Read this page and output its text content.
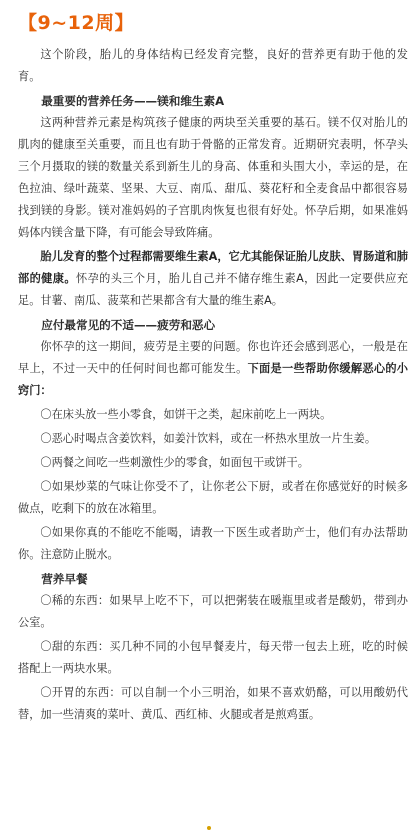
【9~12周】

这个阶段，胎儿的身体结构已经发育完整，良好的营养更有助于他的发育。

最重要的营养任务——镁和维生素A

这两种营养元素是构筑孩子健康的两块至关重要的基石。镁不仅对胎儿的肌肉的健康至关重要，而且也有助于骨骼的正常发育。近期研究表明，怀孕头三个月摄取的镁的数量关系到新生儿的身高、体重和头围大小，幸运的是，在色拉油、绿叶蔬菜、坚果、大豆、南瓜、甜瓜、葵花籽和全麦食品中都很容易找到镁的身影。镁对准妈妈的子宫肌肉恢复也很有好处。怀孕后期，如果准妈妈体内镁含量下降，有可能会导致阵痛。

胎儿发育的整个过程都需要维生素A，它尤其能保证胎儿皮肤、胃肠道和肺部的健康。怀孕的头三个月，胎儿自己并不储存维生素A，因此一定要供应充足。甘薯、南瓜、菠菜和芒果都含有大量的维生素A。

应付最常见的不适——疲劳和恶心

你怀孕的这一期间，疲劳是主要的问题。你也许还会感到恶心，一般是在早上，不过一天中的任何时间也都可能发生。下面是一些帮助你缓解恶心的小窍门：

〇在床头放一些小零食，如饼干之类，起床前吃上一两块。

〇恶心时喝点含姜饮料，如姜汁饮料，或在一杯热水里放一片生姜。

〇两餐之间吃一些刺激性少的零食，如面包干或饼干。

〇如果炒菜的气味让你受不了，让你老公下厨，或者在你感觉好的时候多做点，吃剩下的放在冰箱里。

〇如果你真的不能吃不能喝，请教一下医生或者助产士，他们有办法帮助你。注意防止脱水。

营养早餐

〇稀的东西：如果早上吃不下，可以把粥装在暖瓶里或者是酸奶，带到办公室。

〇甜的东西：买几种不同的小包早餐麦片，每天带一包去上班，吃的时候搭配上一两块水果。

〇开胃的东西：可以自制一个小三明治，如果不喜欢奶酪，可以用酸奶代替，加一些清爽的菜叶、黄瓜、西红柿、火腿或者是煎鸡蛋。
